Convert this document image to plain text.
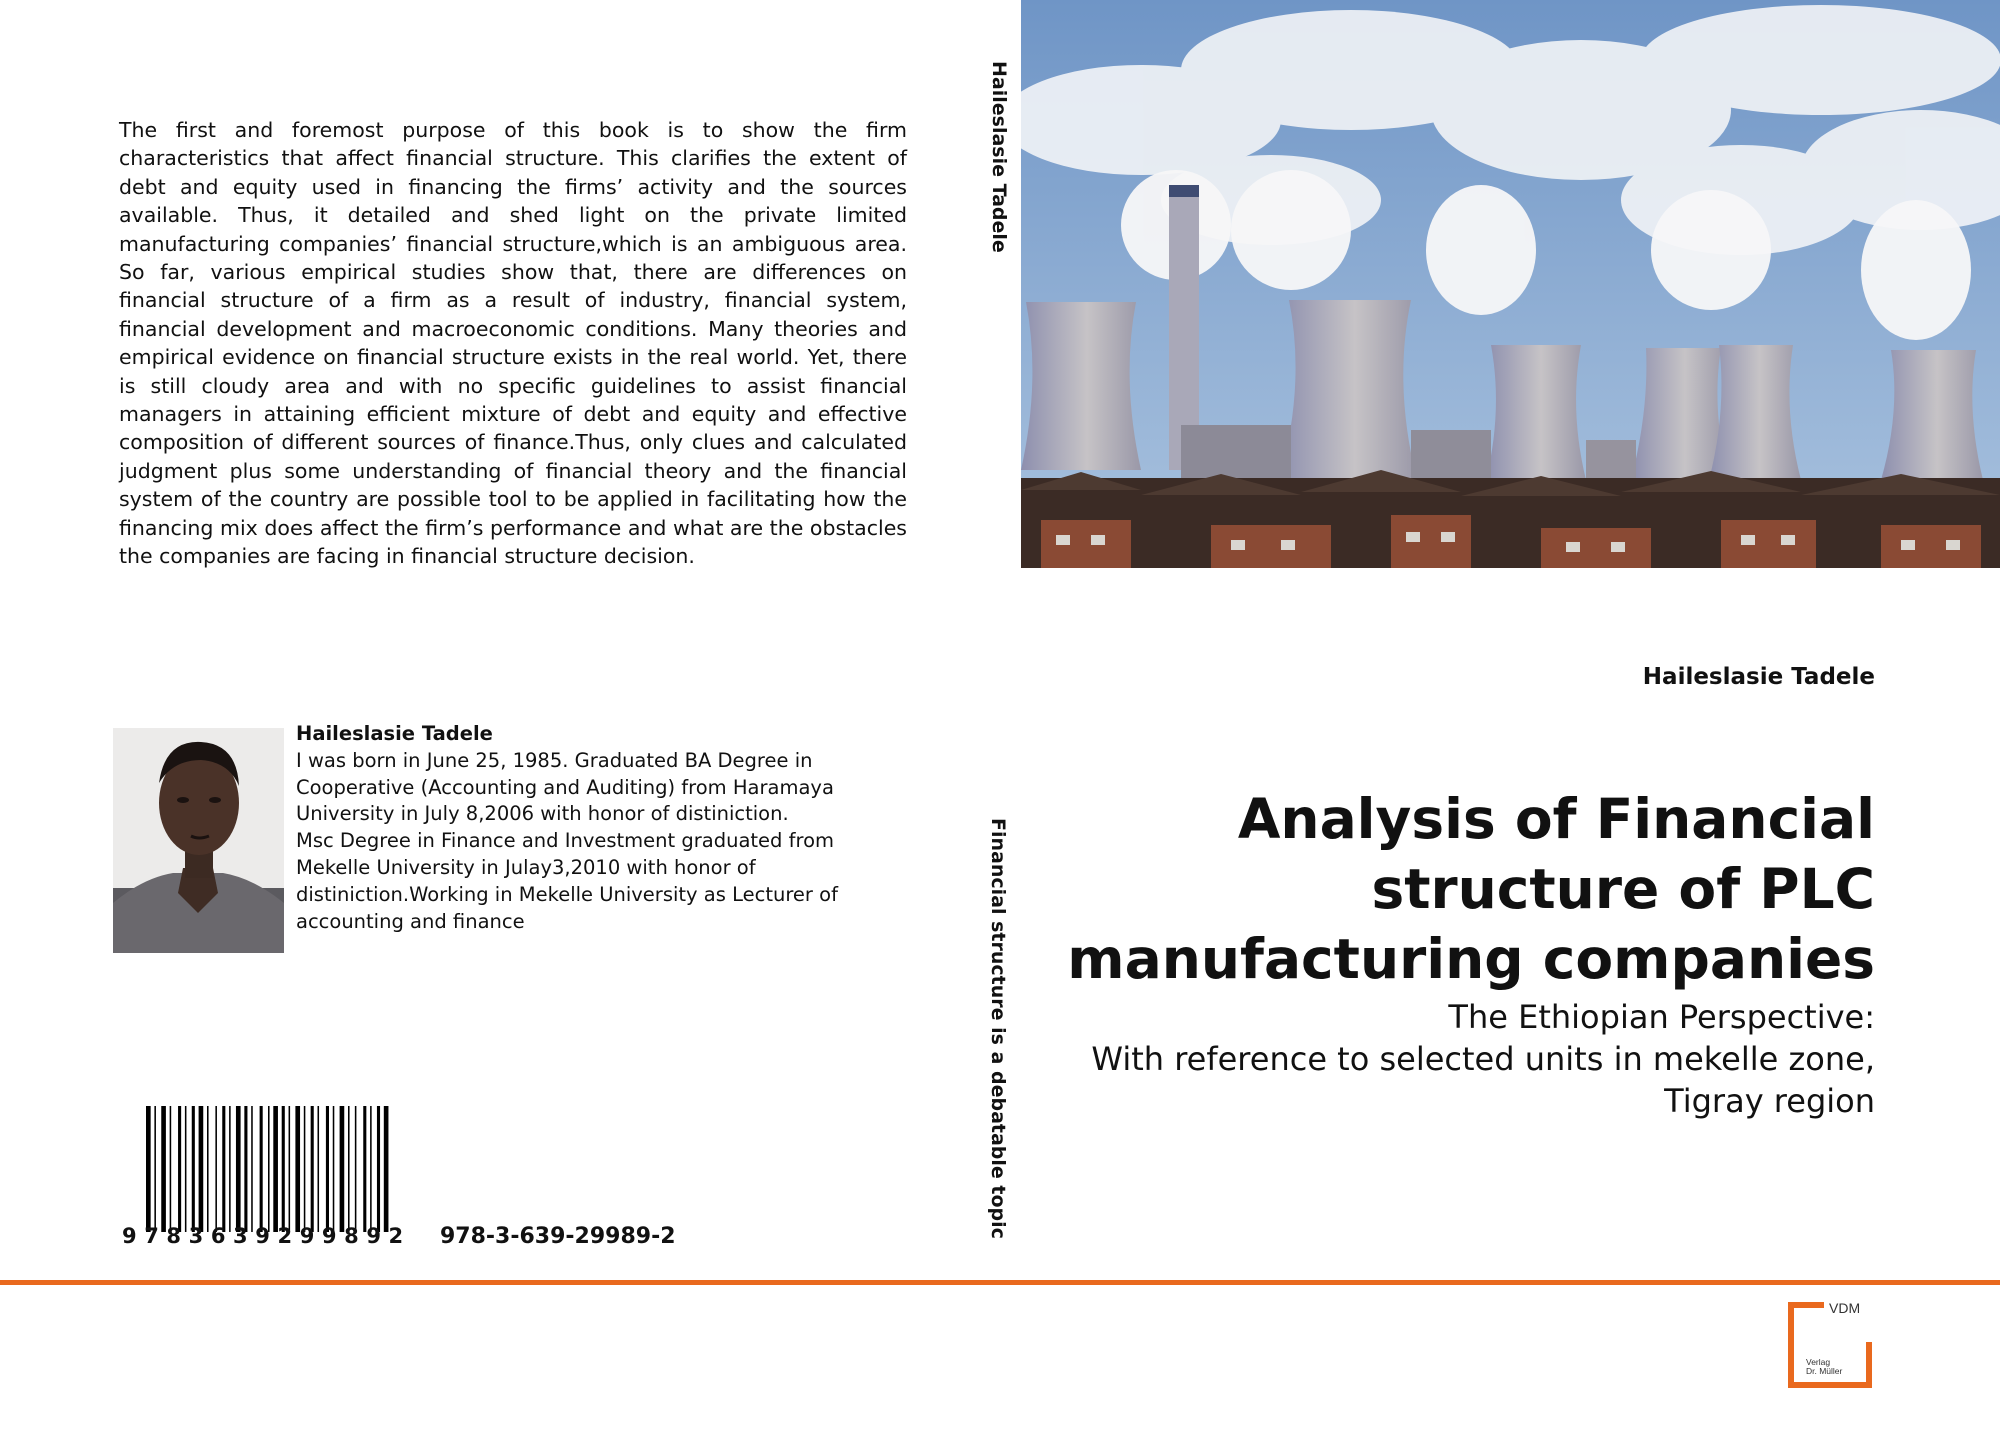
The first and foremost purpose of this book is to show the firm characteristics that affect financial structure. This clarifies the extent of debt and equity used in financing the firms’ activity and the sources available. Thus, it detailed and shed light on the private limited manufacturing companies’ financial structure,which is an ambiguous area. So far, various empirical studies show that, there are differences on financial structure of a firm as a result of industry, financial system, financial development and macroeconomic conditions. Many theories and empirical evidence on financial structure exists in the real world. Yet, there is still cloudy area and with no specific guidelines to assist financial managers in attaining efficient mixture of debt and equity and effective composition of different sources of finance.Thus, only clues and calculated judgment plus some understanding of financial theory and the financial system of the country are possible tool to be applied in facilitating how the financing mix does affect the firm’s performance and what are the obstacles the companies are facing in financial structure decision.

Haileslasie Tadele
I was born in June 25, 1985. Graduated BA Degree in
Cooperative (Accounting and Auditing) from Haramaya
University in July 8,2006 with honor of distiniction.
Msc Degree in Finance and Investment graduated from
Mekelle University in Julay3,2010 with honor of
distiniction.Working in Mekelle University as Lecturer of
accounting and finance
9783639299892 978-3-639-29989-2
Haileslasie Tadele
Financial structure is a debatable topic
Haileslasie Tadele
Analysis of Financial
structure of PLC
manufacturing companies
The Ethiopian Perspective:
With reference to selected units in mekelle zone,
Tigray region
VDM
Verlag
Dr. Müller
